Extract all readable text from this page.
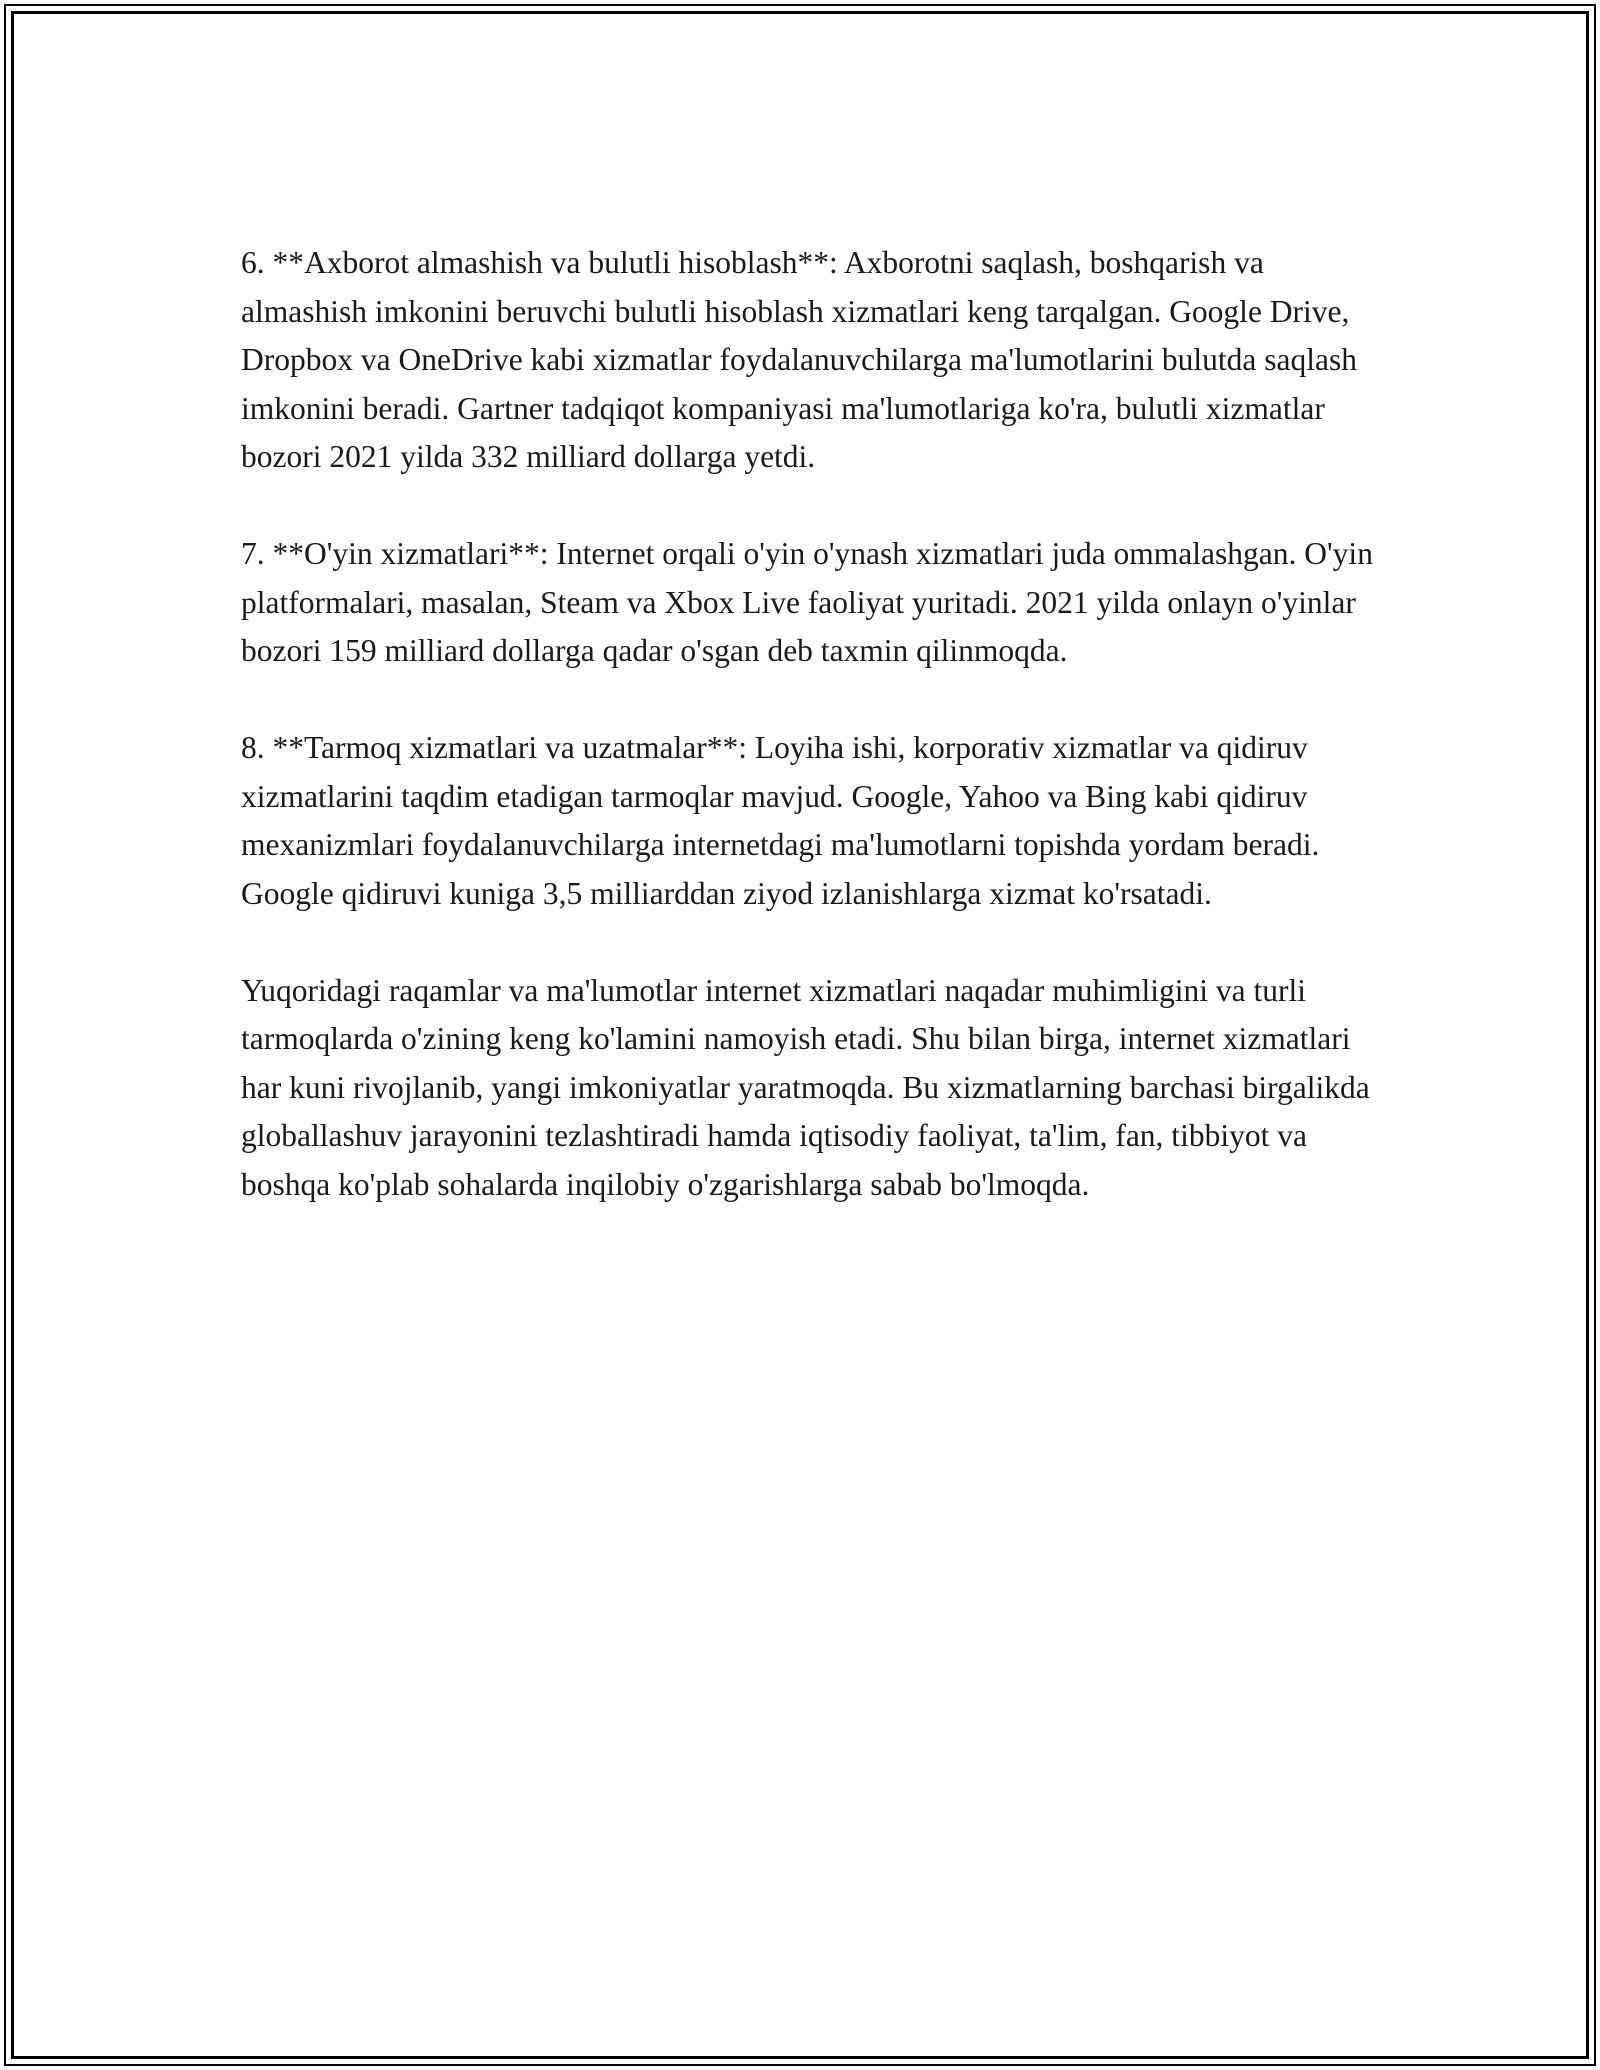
6. **Axborot almashish va bulutli hisoblash**: Axborotni saqlash, boshqarish va almashish imkonini beruvchi bulutli hisoblash xizmatlari keng tarqalgan. Google Drive, Dropbox va OneDrive kabi xizmatlar foydalanuvchilarga ma'lumotlarini bulutda saqlash imkonini beradi. Gartner tadqiqot kompaniyasi ma'lumotlariga ko'ra, bulutli xizmatlar bozori 2021 yilda 332 milliard dollarga yetdi.

7. **O'yin xizmatlari**: Internet orqali o'yin o'ynash xizmatlari juda ommalashgan. O'yin platformalari, masalan, Steam va Xbox Live faoliyat yuritadi. 2021 yilda onlayn o'yinlar bozori 159 milliard dollarga qadar o'sgan deb taxmin qilinmoqda.

8. **Tarmoq xizmatlari va uzatmalar**: Loyiha ishi, korporativ xizmatlar va qidiruv xizmatlarini taqdim etadigan tarmoqlar mavjud. Google, Yahoo va Bing kabi qidiruv mexanizmlari foydalanuvchilarga internetdagi ma'lumotlarni topishda yordam beradi. Google qidiruvi kuniga 3,5 milliarddan ziyod izlanishlarga xizmat ko'rsatadi.

Yuqoridagi raqamlar va ma'lumotlar internet xizmatlari naqadar muhimligini va turli tarmoqlarda o'zining keng ko'lamini namoyish etadi. Shu bilan birga, internet xizmatlari har kuni rivojlanib, yangi imkoniyatlar yaratmoqda. Bu xizmatlarning barchasi birgalikda globallashuv jarayonini tezlashtiradi hamda iqtisodiy faoliyat, ta'lim, fan, tibbiyot va boshqa ko'plab sohalarda inqilobiy o'zgarishlarga sabab bo'lmoqda.
